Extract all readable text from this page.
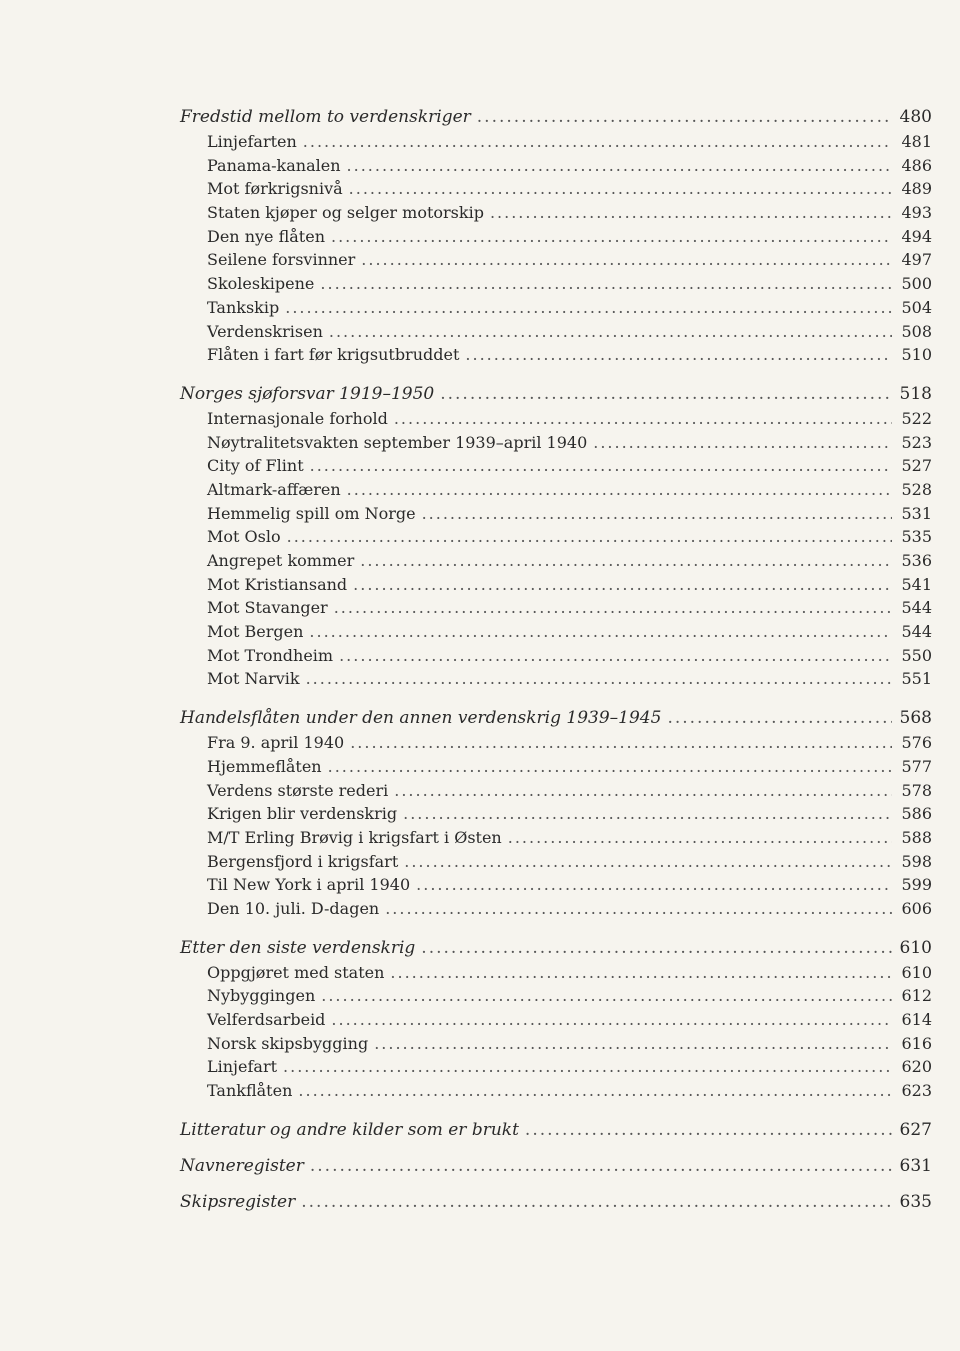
Fredstid mellom to verdenskriger .....	480
Linjefarten .....	481
Panama-kanalen .....	486
Mot førkrigsnivå .....	489
Staten kjøper og selger motorskip .....	493
Den nye flåten .....	494
Seilene forsvinner .....	497
Skoleskipene .....	500
Tankskip .....	504
Verdenskrisen .....	508
Flåten i fart før krigsutbruddet .....	510
Norges sjøforsvar 1919–1950 .....	518
Internasjonale forhold .....	522
Nøytralitetsvakten september 1939–april 1940 .....	523
City of Flint .....	527
Altmark-affæren .....	528
Hemmelig spill om Norge .....	531
Mot Oslo .....	535
Angrepet kommer .....	536
Mot Kristiansand .....	541
Mot Stavanger .....	544
Mot Bergen .....	544
Mot Trondheim .....	550
Mot Narvik .....	551
Handelsflåten under den annen verdenskrig 1939–1945 .....	568
Fra 9. april 1940 .....	576
Hjemmeflåten .....	577
Verdens største rederi .....	578
Krigen blir verdenskrig .....	586
M/T Erling Brøvig i krigsfart i Østen .....	588
Bergensfjord i krigsfart .....	598
Til New York i april 1940 .....	599
Den 10. juli. D-dagen .....	606
Etter den siste verdenskrig .....	610
Oppgjøret med staten .....	610
Nybyggingen .....	612
Velferdsarbeid .....	614
Norsk skipsbygging .....	616
Linjefart .....	620
Tankflåten .....	623
Litteratur og andre kilder som er brukt .....	627
Navneregister .....	631
Skipsregister .....	635
